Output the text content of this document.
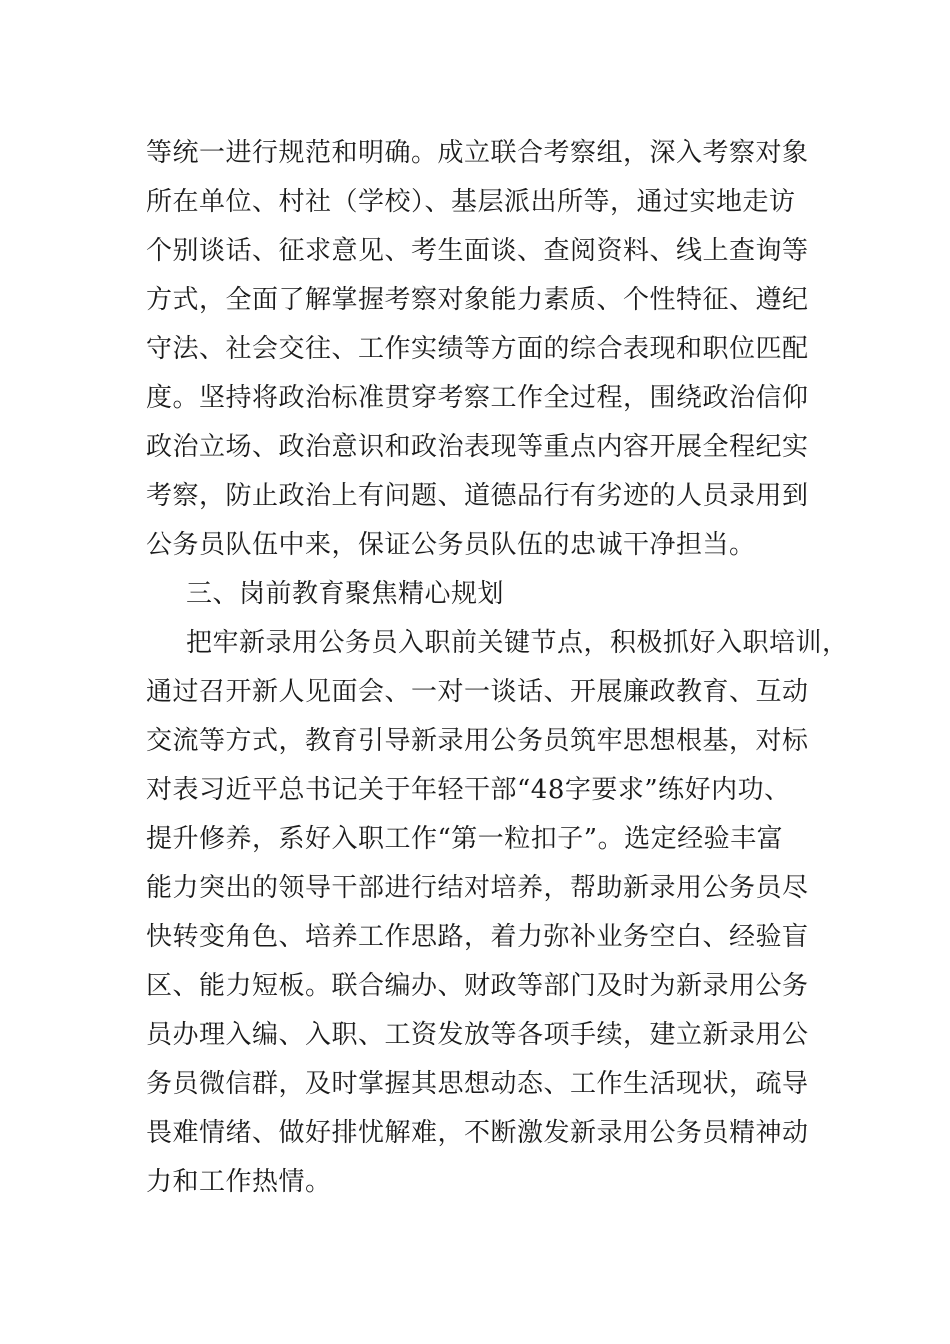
等统一进行规范和明确。成立联合考察组，深入考察对象

所在单位、村社（学校）、基层派出所等，通过实地走访

个别谈话、征求意见、考生面谈、查阅资料、线上查询等

方式，全面了解掌握考察对象能力素质、个性特征、遵纪

守法、社会交往、工作实绩等方面的综合表现和职位匹配

度。坚持将政治标准贯穿考察工作全过程，围绕政治信仰

政治立场、政治意识和政治表现等重点内容开展全程纪实

考察，防止政治上有问题、道德品行有劣迹的人员录用到

公务员队伍中来，保证公务员队伍的忠诚干净担当。

三、岗前教育聚焦精心规划

把牢新录用公务员入职前关键节点，积极抓好入职培训，

通过召开新人见面会、一对一谈话、开展廉政教育、互动

交流等方式，教育引导新录用公务员筑牢思想根基，对标

对表习近平总书记关于年轻干部“48字要求”练好内功、

提升修养，系好入职工作“第一粒扣子”。选定经验丰富

能力突出的领导干部进行结对培养，帮助新录用公务员尽

快转变角色、培养工作思路，着力弥补业务空白、经验盲

区、能力短板。联合编办、财政等部门及时为新录用公务

员办理入编、入职、工资发放等各项手续，建立新录用公

务员微信群，及时掌握其思想动态、工作生活现状，疏导

畏难情绪、做好排忧解难，不断激发新录用公务员精神动

力和工作热情。
